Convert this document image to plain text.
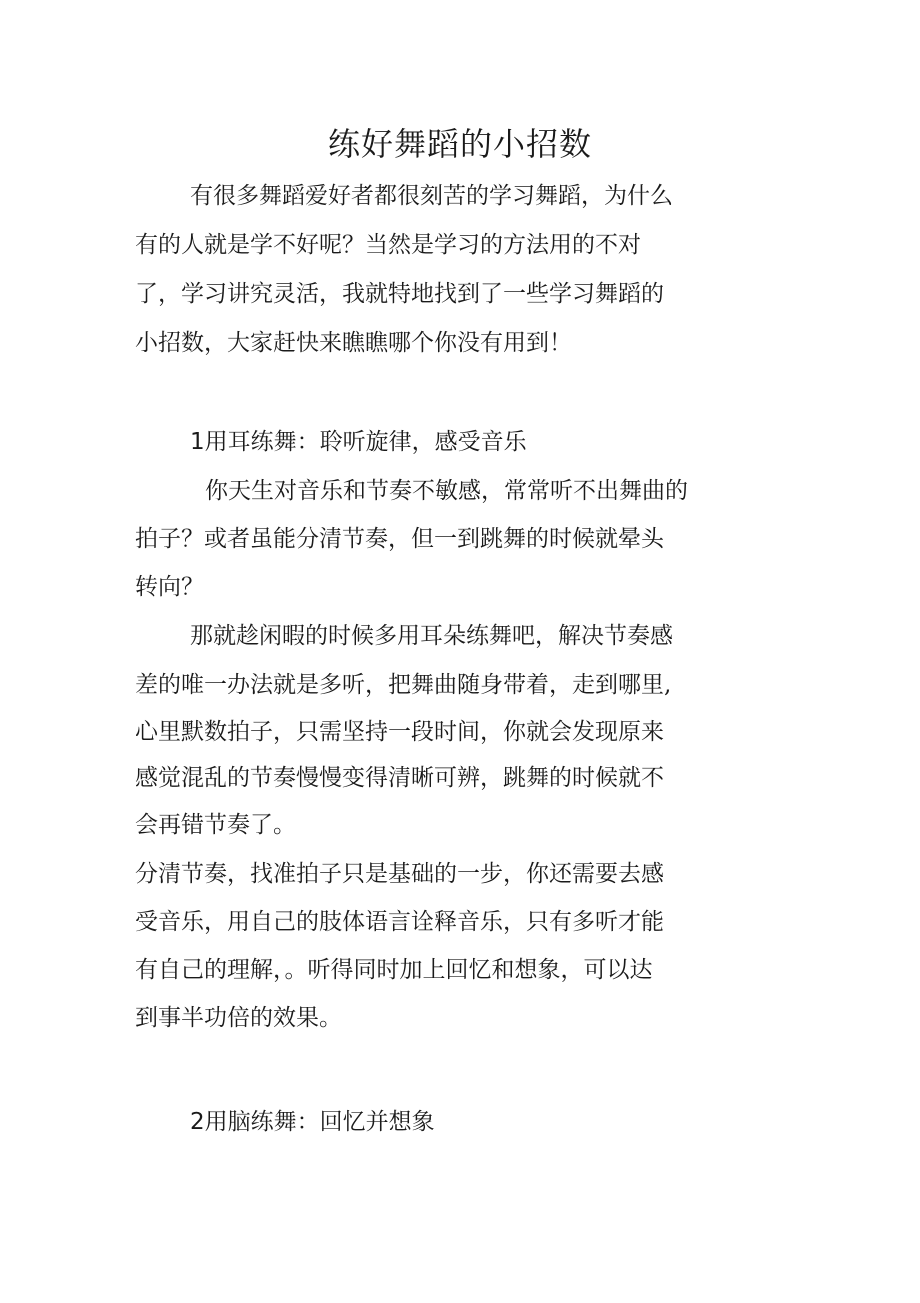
练好舞蹈的小招数

有很多舞蹈爱好者都很刻苦的学习舞蹈，为什么

有的人就是学不好呢？当然是学习的方法用的不对

了，学习讲究灵活，我就特地找到了一些学习舞蹈的

小招数，大家赶快来瞧瞧哪个你没有用到！

1用耳练舞：聆听旋律，感受音乐

你天生对音乐和节奏不敏感，常常听不出舞曲的

拍子？或者虽能分清节奏，但一到跳舞的时候就晕头

转向？

那就趁闲暇的时候多用耳朵练舞吧，解决节奏感

差的唯一办法就是多听，把舞曲随身带着，走到哪里,

心里默数拍子，只需坚持一段时间，你就会发现原来

感觉混乱的节奏慢慢变得清晰可辨，跳舞的时候就不

会再错节奏了。

分清节奏，找准拍子只是基础的一步，你还需要去感

受音乐，用自己的肢体语言诠释音乐，只有多听才能

有自己的理解，。听得同时加上回忆和想象，可以达

到事半功倍的效果。

2用脑练舞：回忆并想象
